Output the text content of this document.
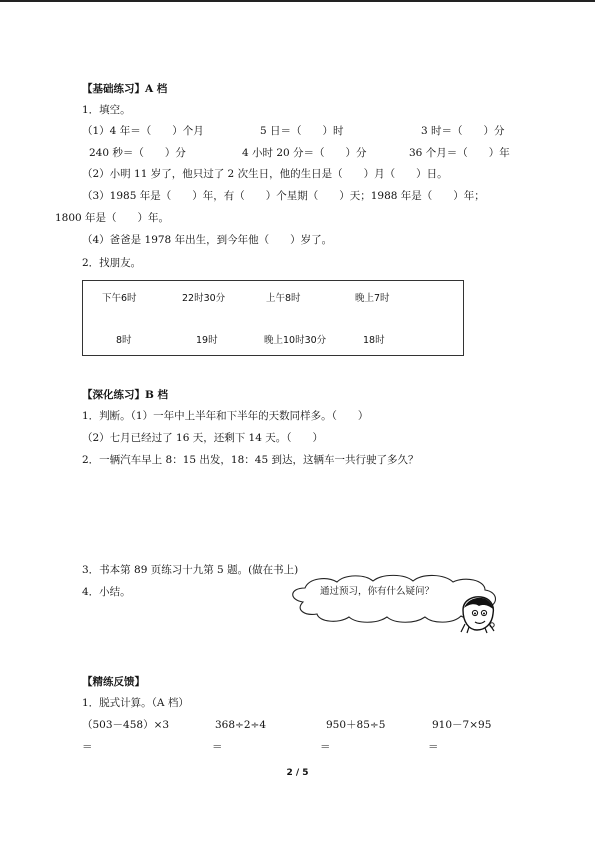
【基础练习】A 档
1．填空。
（1）4 年＝（　　）个月	5 日＝（　　）时	3 时＝（　　）分
240 秒＝（　　）分	4 小时 20 分＝（　　）分	36 个月＝（　　）年
（2）小明 11 岁了，他只过了 2 次生日，他的生日是（　　）月（　　）日。
（3）1985 年是（　　）年，有（　　）个星期（　　）天；1988 年是（　　）年；
1800 年是（　　）年。
（4）爸爸是 1978 年出生，到今年他（　　）岁了。
2．找朋友。
下午6时	22时30分	上午8时	晚上7时
8时	19时	晚上10时30分	18时
【深化练习】B 档
1．判断。（1）一年中上半年和下半年的天数同样多。（　　）
（2）七月已经过了 16 天，还剩下 14 天。（　　）
2．一辆汽车早上 8：15 出发，18：45 到达，这辆车一共行驶了多久？
3．书本第 89 页练习十九第 5 题。(做在书上)
4．小结。	通过预习，你有什么疑问？
【精练反馈】
1．脱式计算。（A 档）
（503－458）×3	368÷2÷4	950＋85÷5	910－7×95
＝	＝	＝	＝
2 / 5
